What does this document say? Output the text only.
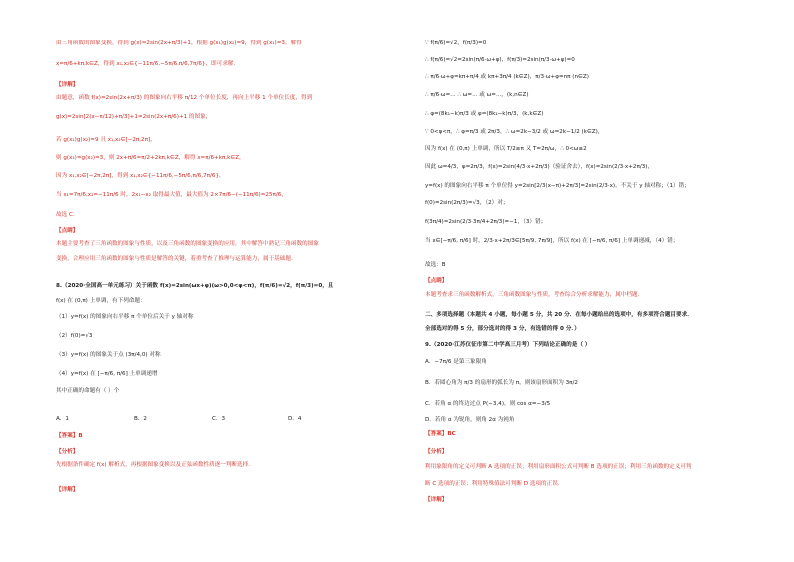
由三角函数的图象变换，得到 g(x)=2sin(2x+π/3)+1，根据 g(x₁)g(x₂)=9，得到 g(x₁)=3，解得
x=π/6+kπ,k∈Z，得到 x₁,x₂∈{−11π/6,−5π/6,π/6,7π/6}，即可求解.
【详解】
由题意，函数 f(x)=2sin(2x+π/3) 的图象向右平移 π/12 个单位长度，再向上平移 1 个单位长度，得到
g(x)=2sin[2(x−π/12)+π/3]+1=2sin(2x+π/6)+1 的图象，
若 g(x₁)g(x₂)=9 且 x₁,x₂∈[−2π,2π]，
则 g(x₁)=g(x₂)=3，则 2x+π/6=π/2+2kπ,k∈Z，解得 x=π/6+kπ,k∈Z，
因为 x₁,x₂∈[−2π,2π]，得到 x₁,x₂∈{−11π/6,−5π/6,π/6,7π/6}，
当 x₁=7π/6,x₂=−11π/6 时，2x₁−x₂ 取得最大值，最大值为 2×7π/6−(−11π/6)=25π/6，
故选 C.
【点睛】
本题主要考查了三角函数的图象与性质，以及三角函数的图象变换的应用，其中解答中熟记三角函数的图象
变换，合理应用三角函数的图象与性质是解答的关键，着重考查了推理与运算能力，属于基础题.
8.（2020·全国高一单元练习）关于函数 f(x)=2sin(ωx+φ)(ω>0,0<φ<π)，f(π/6)=√2，f(π/3)=0，且
f(x) 在 (0,π) 上单调，有下列命题：
（1）y=f(x) 的图象向右平移 π 个单位后关于 y 轴对称
（2）f(0)=√3
（3）y=f(x) 的图象关于点 (3π/4,0) 对称
（4）y=f(x) 在 [−π/6, π/6] 上单调递增
其中正确的命题有（ ）个
【答案】B
【分析】
先根据条件确定 f(x) 解析式，再根据图象变换以及正弦函数性质逐一判断选择.
【详解】
A．1	B．2	C．3	D．4
∵ f(π/6)=√2，f(π/3)=0
∴ f(π/6)=√2=2sin(π/6·ω+φ)，f(π/3)=2sin(π/3·ω+φ)=0
∴ π/6·ω+φ=kπ+π/4 或 kπ+3π/4 (k∈Z)，π/3·ω+φ=nπ (n∈Z)
∴ π/6·ω=... ∴ ω=... 或 ω=...，(k,n∈Z)
∴ φ=(8k₁−k)π/3 或 φ=(8k₁−k)π/3，(k,k∈Z)
∵ 0<φ<π，∴ φ=π/3 或 2π/3，∴ ω=2k−3/2 或 ω=2k−1/2 (k∈Z)，
因为 f(x) 在 (0,π) 上单调，所以 T/2≥π 又 T=2π/ω，∴ 0<ω≤2
因此 ω=4/3，φ=2π/3，f(x)=2sin(4/3·x+2π/3)（验证舍去），f(x)=2sin(2/3·x+2π/3)，
y=f(x) 的图象向右平移 π 个单位得 y=2sin[2/3(x−π)+2π/3]=2sin(2/3·x)，不关于 y 轴对称；（1）错；
f(0)=2sin(2π/3)=√3，（2）对；
f(3π/4)=2sin(2/3·3π/4+2π/3)=−1，（3）错；
当 x∈[−π/6, π/6] 时，2/3·x+2π/3∈[5π/9, 7π/9]，所以 f(x) 在 [−π/6, π/6] 上单调递减，（4）错；
故选：B
【点睛】
本题考查求三角函数解析式，三角函数图象与性质，考查综合分析求解能力，属中档题.
二、多项选择题（本题共 4 小题，每小题 5 分，共 20 分．在每小题给出的选项中，有多项符合题目要求．
全部选对的得 5 分，部分选对的得 3 分，有选错的得 0 分．）
9.（2020·江苏仪征市第二中学高三月考）下列结论正确的是（ ）
A．−7π/6 是第三象限角
B．若圆心角为 π/3 的扇形的弧长为 π，则该扇形面积为 3π/2
C．若角 α 的终边过点 P(−3,4)，则 cos α=−3/5
D．若角 α 为锐角，则角 2α 为钝角
【答案】BC
【分析】
利用象限角的定义可判断 A 选项的正误；利用扇形面积公式可判断 B 选项的正误；利用三角函数的定义可判
断 C 选项的正误；利用特殊值法可判断 D 选项的正误.
【详解】
